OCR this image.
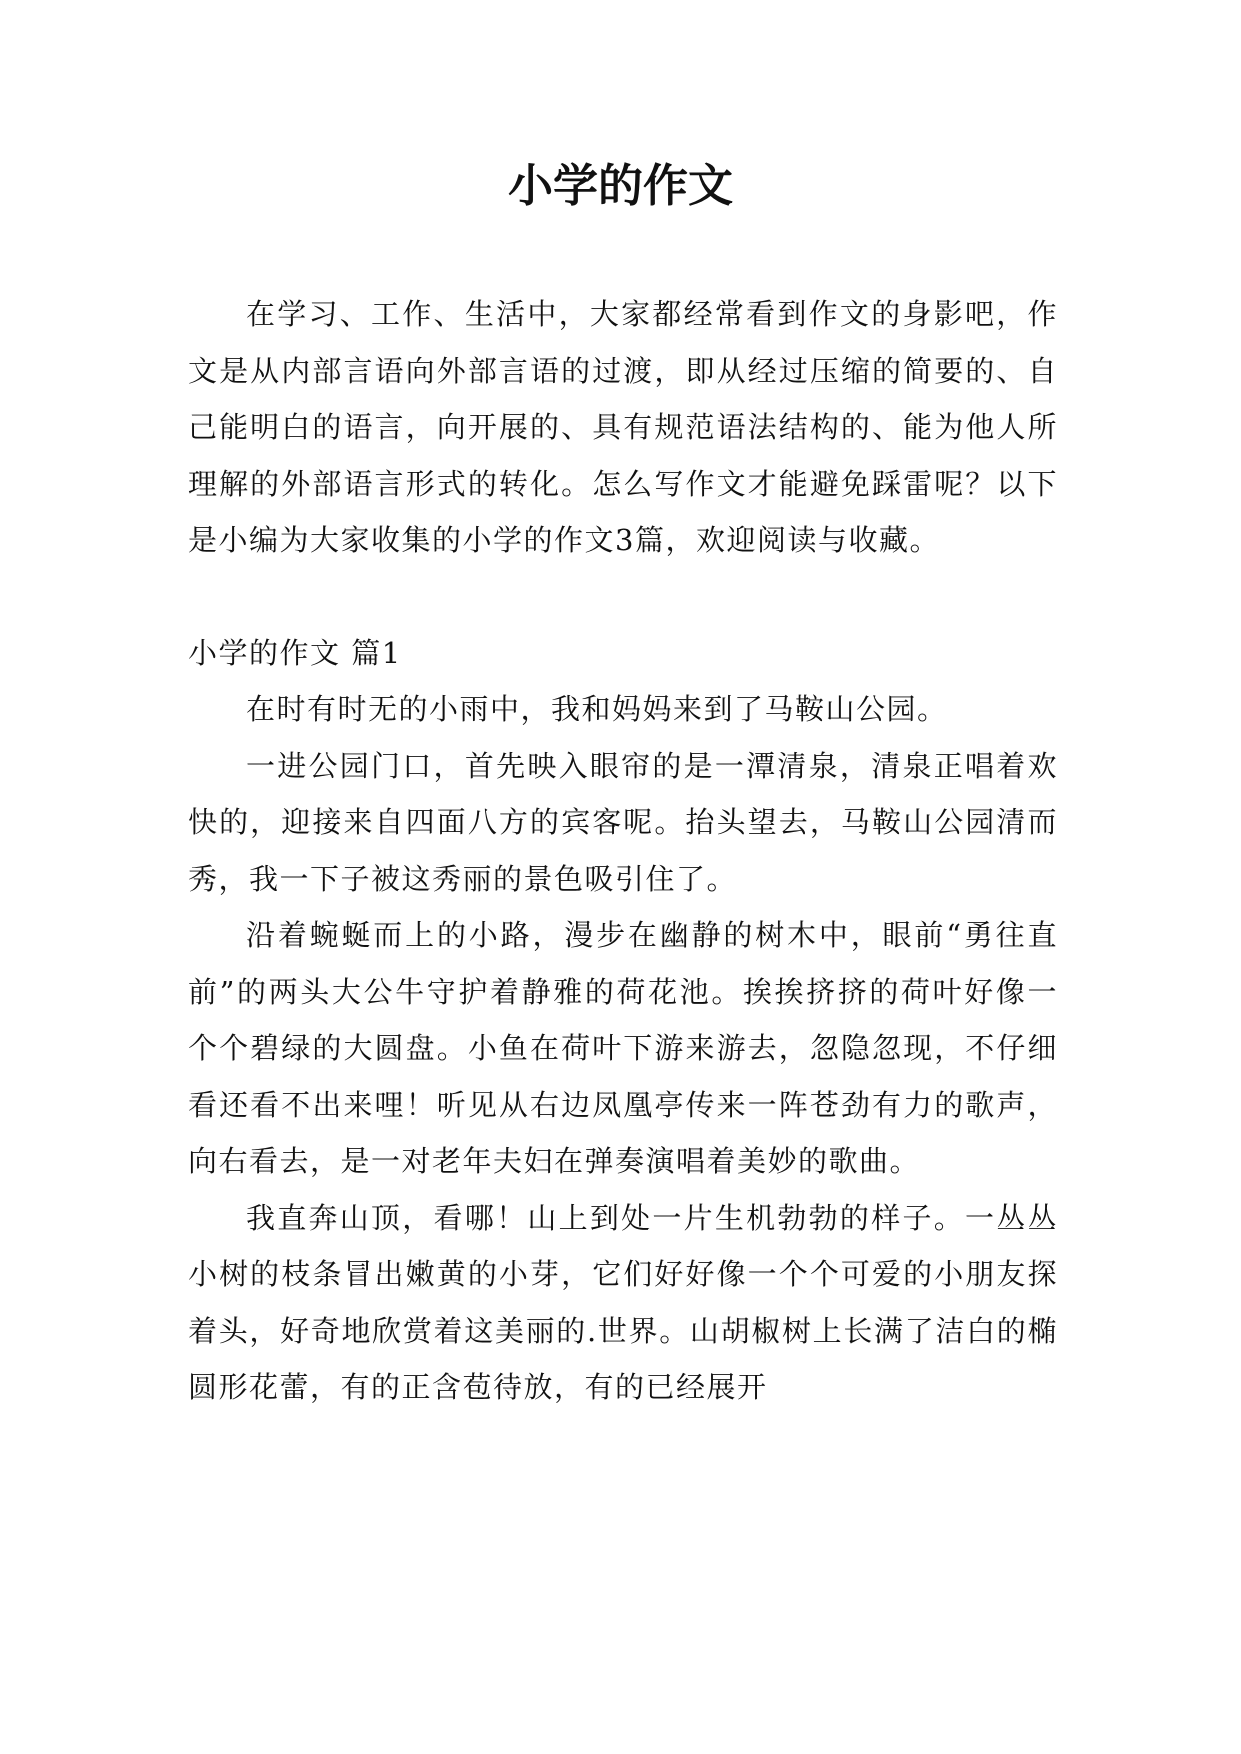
小学的作文

在学习、工作、生活中，大家都经常看到作文的身影吧，作文是从内部言语向外部言语的过渡，即从经过压缩的简要的、自己能明白的语言，向开展的、具有规范语法结构的、能为他人所理解的外部语言形式的转化。怎么写作文才能避免踩雷呢？以下是小编为大家收集的小学的作文3篇，欢迎阅读与收藏。

小学的作文 篇1

在时有时无的小雨中，我和妈妈来到了马鞍山公园。

一进公园门口，首先映入眼帘的是一潭清泉，清泉正唱着欢快的，迎接来自四面八方的宾客呢。抬头望去，马鞍山公园清而秀，我一下子被这秀丽的景色吸引住了。

沿着蜿蜒而上的小路，漫步在幽静的树木中，眼前“勇往直前”的两头大公牛守护着静雅的荷花池。挨挨挤挤的荷叶好像一个个碧绿的大圆盘。小鱼在荷叶下游来游去，忽隐忽现，不仔细看还看不出来哩！听见从右边凤凰亭传来一阵苍劲有力的歌声，向右看去，是一对老年夫妇在弹奏演唱着美妙的歌曲。

我直奔山顶，看哪！山上到处一片生机勃勃的样子。一丛丛小树的枝条冒出嫩黄的小芽，它们好好像一个个可爱的小朋友探着头，好奇地欣赏着这美丽的.世界。山胡椒树上长满了洁白的椭圆形花蕾，有的正含苞待放，有的已经展开
